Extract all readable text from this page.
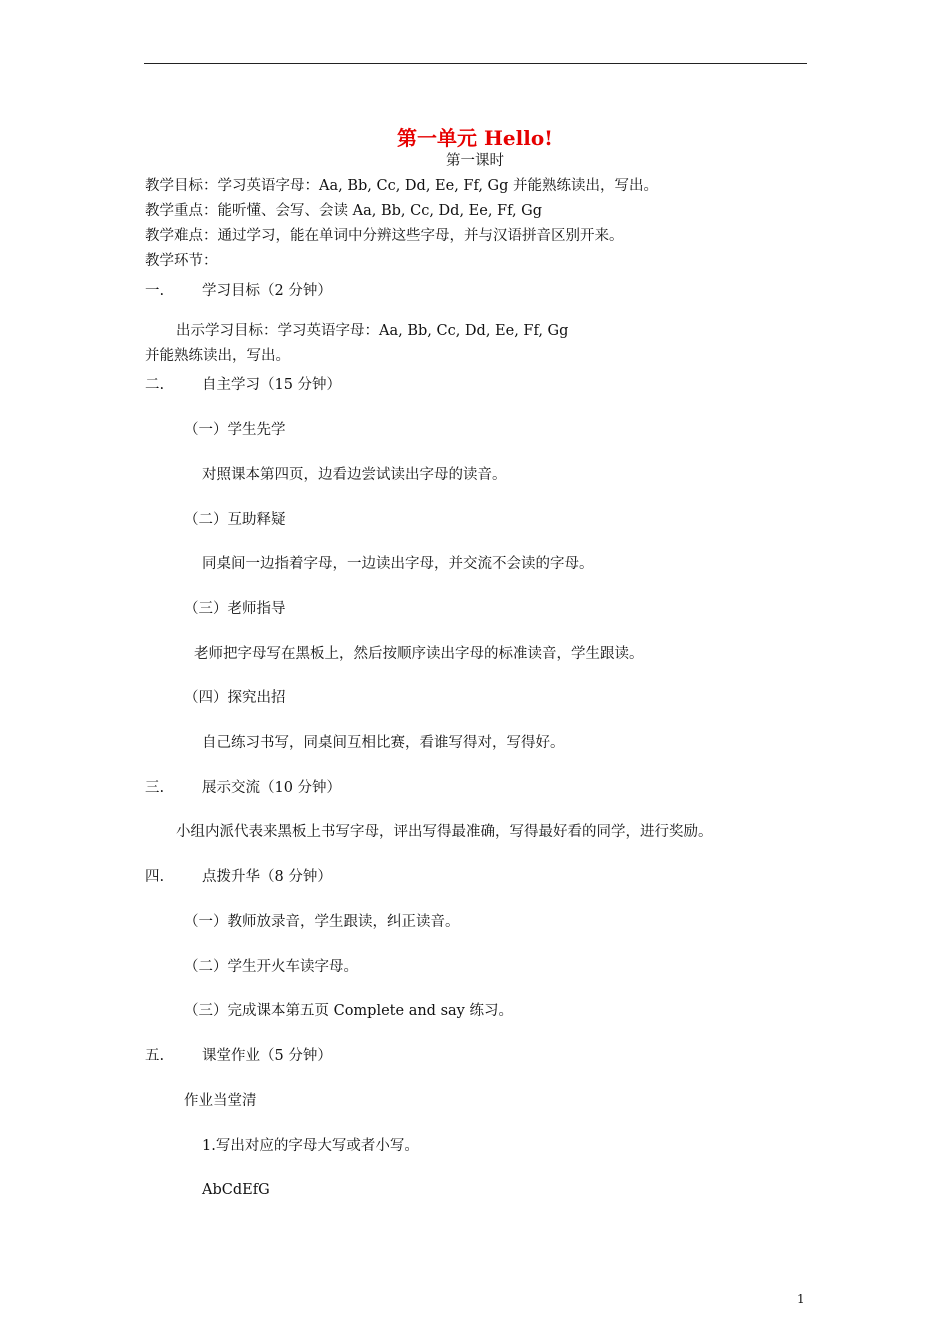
第一单元 Hello!
第一课时
教学目标：学习英语字母：Aa, Bb, Cc, Dd, Ee, Ff, Gg 并能熟练读出，写出。
教学重点：能听懂、会写、会读 Aa, Bb, Cc, Dd, Ee, Ff, Gg
教学难点：通过学习，能在单词中分辨这些字母，并与汉语拼音区别开来。
教学环节：
一.	学习目标（2 分钟）
出示学习目标：学习英语字母：Aa, Bb, Cc, Dd, Ee, Ff, Gg
并能熟练读出，写出。
二.	自主学习（15 分钟）
（一）学生先学
对照课本第四页，边看边尝试读出字母的读音。
（二）互助释疑
同桌间一边指着字母，一边读出字母，并交流不会读的字母。
（三）老师指导
老师把字母写在黑板上，然后按顺序读出字母的标准读音，学生跟读。
（四）探究出招
自己练习书写，同桌间互相比赛，看谁写得对，写得好。
三.	展示交流（10 分钟）
小组内派代表来黑板上书写字母，评出写得最准确，写得最好看的同学，进行奖励。
四.	点拨升华（8 分钟）
（一）教师放录音，学生跟读，纠正读音。
（二）学生开火车读字母。
（三）完成课本第五页 Complete and say 练习。
五.	课堂作业（5 分钟）
作业当堂清
1.写出对应的字母大写或者小写。
AbCdEfG
1
